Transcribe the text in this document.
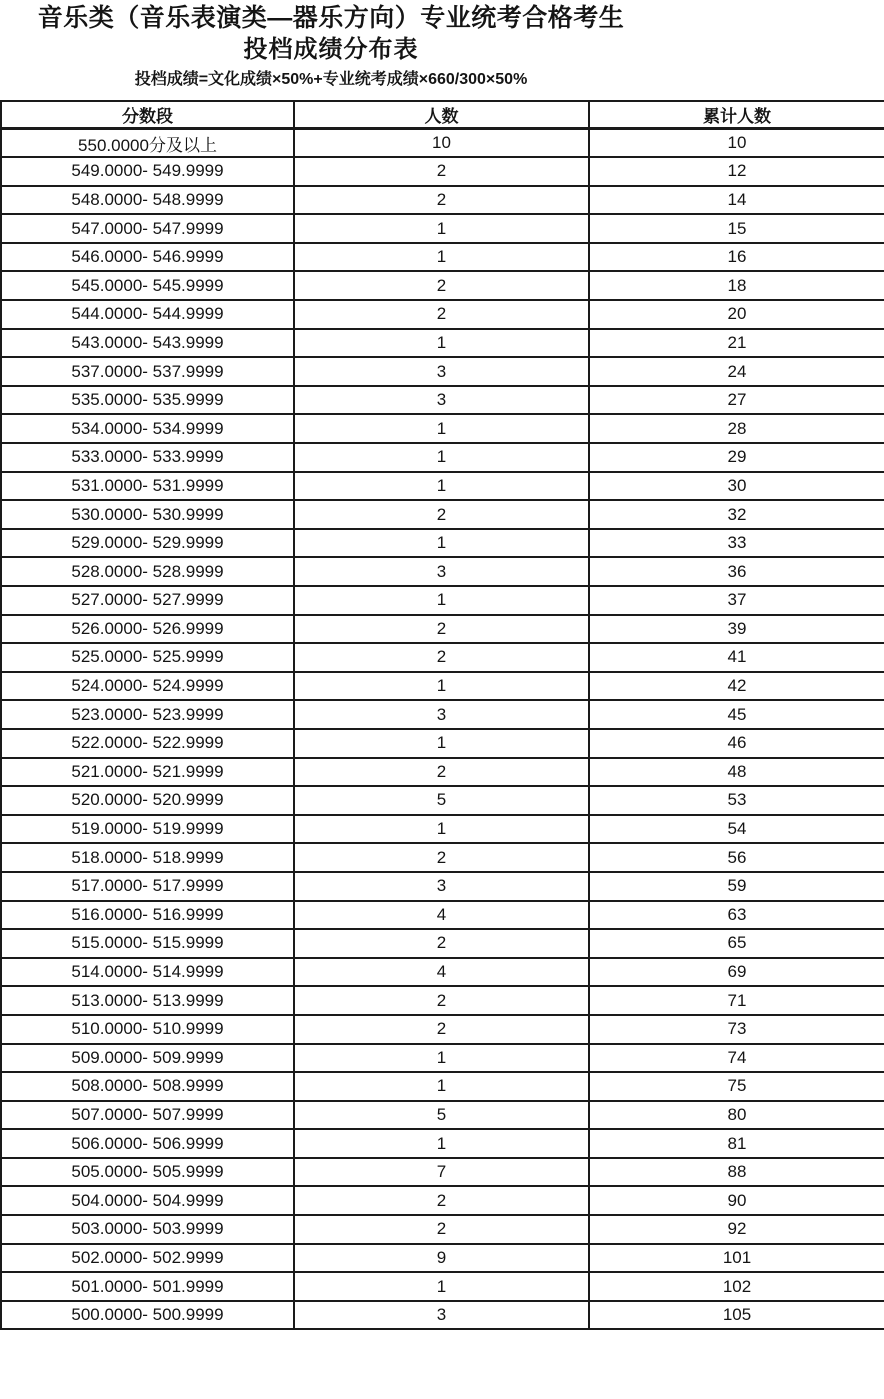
音乐类（音乐表演类—器乐方向）专业统考合格考生
投档成绩分布表
投档成绩=文化成绩×50%+专业统考成绩×660/300×50%
分数段	人数	累计人数
550.0000分及以上	10	10
549.0000- 549.9999	2	12
548.0000- 548.9999	2	14
547.0000- 547.9999	1	15
546.0000- 546.9999	1	16
545.0000- 545.9999	2	18
544.0000- 544.9999	2	20
543.0000- 543.9999	1	21
537.0000- 537.9999	3	24
535.0000- 535.9999	3	27
534.0000- 534.9999	1	28
533.0000- 533.9999	1	29
531.0000- 531.9999	1	30
530.0000- 530.9999	2	32
529.0000- 529.9999	1	33
528.0000- 528.9999	3	36
527.0000- 527.9999	1	37
526.0000- 526.9999	2	39
525.0000- 525.9999	2	41
524.0000- 524.9999	1	42
523.0000- 523.9999	3	45
522.0000- 522.9999	1	46
521.0000- 521.9999	2	48
520.0000- 520.9999	5	53
519.0000- 519.9999	1	54
518.0000- 518.9999	2	56
517.0000- 517.9999	3	59
516.0000- 516.9999	4	63
515.0000- 515.9999	2	65
514.0000- 514.9999	4	69
513.0000- 513.9999	2	71
510.0000- 510.9999	2	73
509.0000- 509.9999	1	74
508.0000- 508.9999	1	75
507.0000- 507.9999	5	80
506.0000- 506.9999	1	81
505.0000- 505.9999	7	88
504.0000- 504.9999	2	90
503.0000- 503.9999	2	92
502.0000- 502.9999	9	101
501.0000- 501.9999	1	102
500.0000- 500.9999	3	105
